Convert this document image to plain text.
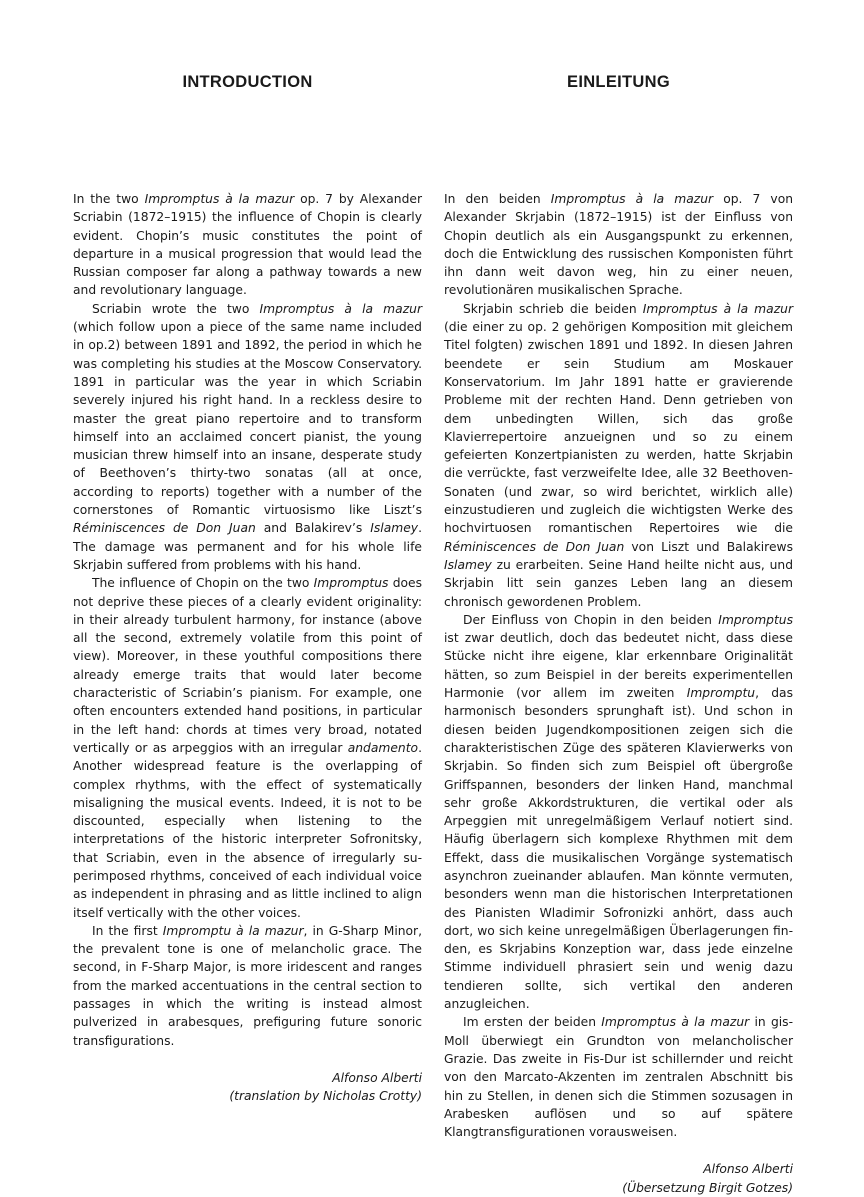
INTRODUCTION

In the two Impromptus à la mazur op. 7 by Alexander Scriabin (1872–1915) the influence of Chopin is clearly evident. Chopin’s music constitutes the point of departure in a musical progression that would lead the Russian composer far along a pathway towards a new and revolutionary language.

Scriabin wrote the two Impromptus à la mazur (which follow upon a piece of the same name included in op.2) between 1891 and 1892, the period in which he was completing his studies at the Moscow Conservatory. 1891 in particular was the year in which Scriabin severely injured his right hand. In a reckless desire to master the great piano repertoire and to transform himself into an acclaimed concert pianist, the young musician threw himself into an insane, desperate study of Beethoven’s thirty-two sonatas (all at once, according to reports) together with a number of the cornerstones of Romantic virtuosismo like Liszt’s Réminiscences de Don Juan and Balakirev’s Islamey. The damage was permanent and for his whole life Skrjabin suffered from problems with his hand.

The influence of Chopin on the two Impromptus does not deprive these pieces of a clearly evident originality: in their already turbulent harmony, for instance (above all the second, extremely volatile from this point of view). Moreover, in these youthful compositions there already emerge traits that would later become characteristic of Scriabin’s pianism. For example, one often encounters extended hand positions, in particular in the left hand: chords at times very broad, notated vertically or as arpeggios with an irregular andamento. Another widespread feature is the overlapping of complex rhythms, with the effect of systematically misaligning the musical events. Indeed, it is not to be discounted, especially when listening to the interpretations of the historic interpreter Sofronitsky, that Scriabin, even in the absence of irregularly superimposed rhythms, conceived of each individual voice as independent in phrasing and as little inclined to align itself vertically with the other voices.

In the first Impromptu à la mazur, in G-Sharp Minor, the prevalent tone is one of melancholic grace. The second, in F-Sharp Major, is more iridescent and ranges from the marked accentuations in the central section to passages in which the writing is instead almost pulverized in arabesques, prefiguring future sonoric transfigurations.

Alfonso Alberti
(translation by Nicholas Crotty)
EINLEITUNG

In den beiden Impromptus à la mazur op. 7 von Alexander Skrjabin (1872–1915) ist der Einfluss von Chopin deutlich als ein Ausgangspunkt zu erkennen, doch die Entwicklung des russischen Komponisten führt ihn dann weit davon weg, hin zu einer neuen, revolutionären musikalischen Sprache.

Skrjabin schrieb die beiden Impromptus à la mazur (die einer zu op. 2 gehörigen Komposition mit gleichem Titel folgten) zwischen 1891 und 1892. In diesen Jahren beendete er sein Studium am Moskauer Konservatorium. Im Jahr 1891 hatte er gravierende Probleme mit der rechten Hand. Denn getrieben von dem unbedingten Willen, sich das große Klavierrepertoire anzueignen und so zu einem gefeierten Konzertpianisten zu werden, hatte Skrjabin die verrückte, fast verzweifelte Idee, alle 32 Beethoven-Sonaten (und zwar, so wird berichtet, wirklich alle) einzustudieren und zugleich die wichtigsten Werke des hochvirtuosen romantischen Repertoires wie die Réminiscences de Don Juan von Liszt und Balakirews Islamey zu erarbeiten. Seine Hand heilte nicht aus, und Skrjabin litt sein ganzes Leben lang an diesem chronisch gewordenen Problem.

Der Einfluss von Chopin in den beiden Impromptus ist zwar deutlich, doch das bedeutet nicht, dass diese Stücke nicht ihre eigene, klar erkennbare Originalität hätten, so zum Beispiel in der bereits experimentellen Harmonie (vor allem im zweiten Impromptu, das harmonisch besonders sprunghaft ist). Und schon in diesen beiden Jugendkompositionen zeigen sich die charakteristischen Züge des späteren Klavierwerks von Skrjabin. So finden sich zum Beispiel oft übergroße Griffspannen, besonders der linken Hand, manchmal sehr große Akkordstrukturen, die vertikal oder als Arpeggien mit unregelmäßigem Verlauf notiert sind. Häufig überlagern sich komplexe Rhythmen mit dem Effekt, dass die musikalischen Vorgänge systematisch asynchron zueinander ablaufen. Man könnte vermuten, besonders wenn man die historischen Interpretationen des Pianisten Wladimir Sofronizki anhört, dass auch dort, wo sich keine unregelmäßigen Überlagerungen finden, es Skrjabins Konzeption war, dass jede einzelne Stimme individuell phrasiert sein und wenig dazu tendieren sollte, sich vertikal den anderen anzugleichen.

Im ersten der beiden Impromptus à la mazur in gis-Moll überwiegt ein Grundton von melancholischer Grazie. Das zweite in Fis-Dur ist schillernder und reicht von den Marcato-Akzenten im zentralen Abschnitt bis hin zu Stellen, in denen sich die Stimmen sozusagen in Arabesken auflösen und so auf spätere Klangtransfigurationen vorausweisen.

Alfonso Alberti
(Übersetzung Birgit Gotzes)
